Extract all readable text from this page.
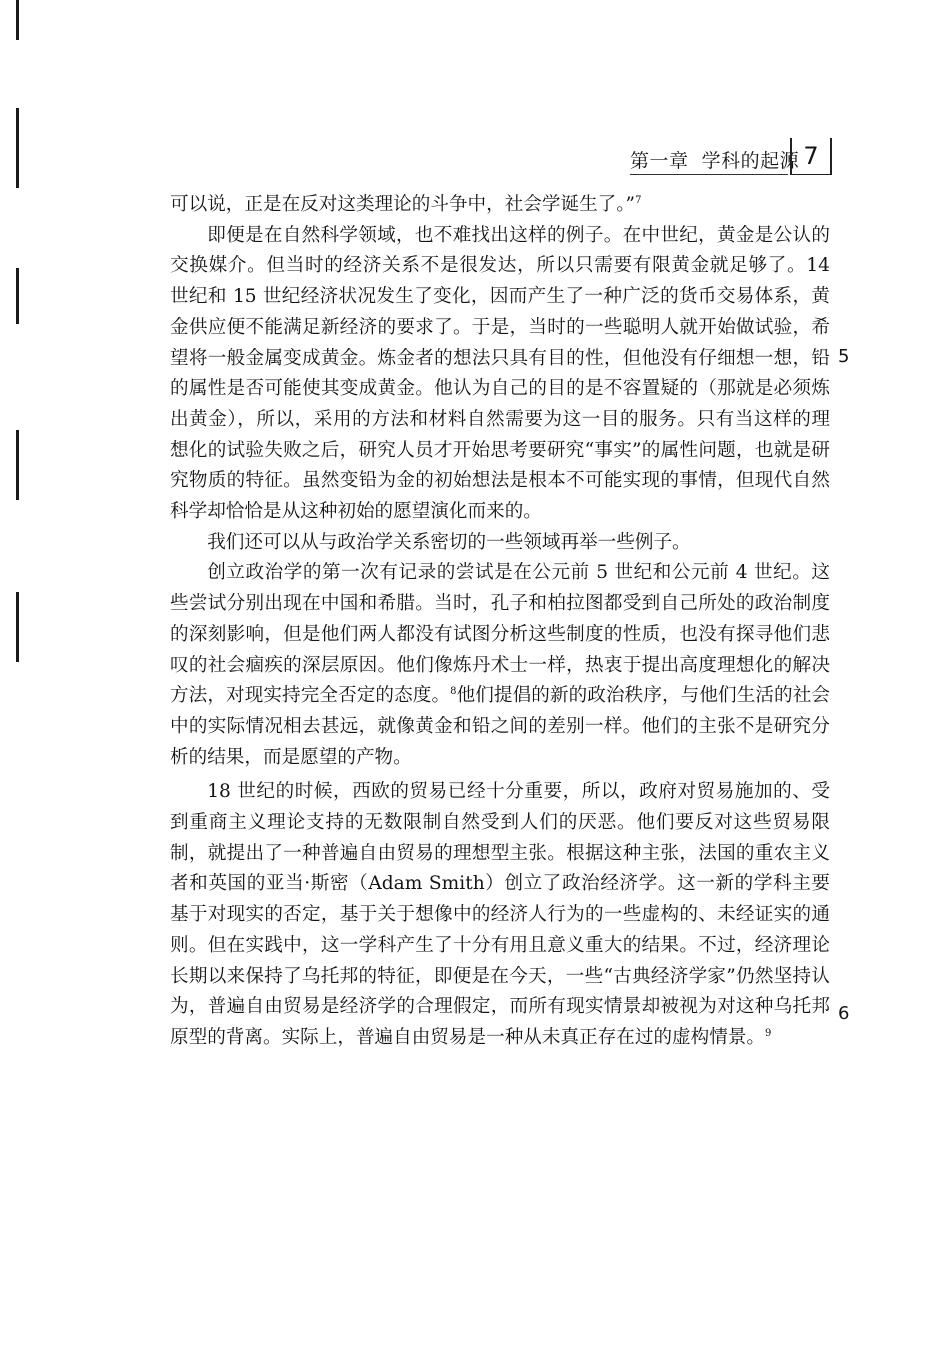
第一章 学科的起源 7

可以说，正是在反对这类理论的斗争中，社会学诞生了。”$^7$

即便是在自然科学领域，也不难找出这样的例子。在中世纪，黄金是公认的交换媒介。但当时的经济关系不是很发达，所以只需要有限黄金就足够了。14 世纪和 15 世纪经济状况发生了变化，因而产生了一种广泛的货币交易体系，黄金供应便不能满足新经济的要求了。于是，当时的一些聪明人就开始做试验，希望将一般金属变成黄金。炼金者的想法只具有目的性，但他没有仔细想一想，铅的属性是否可能使其变成黄金。他认为自己的目的是不容置疑的（那就是必须炼出黄金），所以，采用的方法和材料自然需要为这一目的服务。只有当这样的理想化的试验失败之后，研究人员才开始思考要研究“事实”的属性问题，也就是研究物质的特征。虽然变铅为金的初始想法是根本不可能实现的事情，但现代自然科学却恰恰是从这种初始的愿望演化而来的。

我们还可以从与政治学关系密切的一些领域再举一些例子。

创立政治学的第一次有记录的尝试是在公元前 5 世纪和公元前 4 世纪。这些尝试分别出现在中国和希腊。当时，孔子和柏拉图都受到自己所处的政治制度的深刻影响，但是他们两人都没有试图分析这些制度的性质，也没有探寻他们悲叹的社会痼疾的深层原因。他们像炼丹术士一样，热衷于提出高度理想化的解决方法，对现实持完全否定的态度。$^8$他们提倡的新的政治秩序，与他们生活的社会中的实际情况相去甚远，就像黄金和铅之间的差别一样。他们的主张不是研究分析的结果，而是愿望的产物。

18 世纪的时候，西欧的贸易已经十分重要，所以，政府对贸易施加的、受到重商主义理论支持的无数限制自然受到人们的厌恶。他们要反对这些贸易限制，就提出了一种普遍自由贸易的理想型主张。根据这种主张，法国的重农主义者和英国的亚当·斯密（Adam Smith）创立了政治经济学。这一新的学科主要基于对现实的否定，基于关于想像中的经济人行为的一些虚构的、未经证实的通则。但在实践中，这一学科产生了十分有用且意义重大的结果。不过，经济理论长期以来保持了乌托邦的特征，即便是在今天，一些“古典经济学家”仍然坚持认为，普遍自由贸易是经济学的合理假定，而所有现实情景却被视为对这种乌托邦原型的背离。实际上，普遍自由贸易是一种从未真正存在过的虚构情景。$^9$

5
6
